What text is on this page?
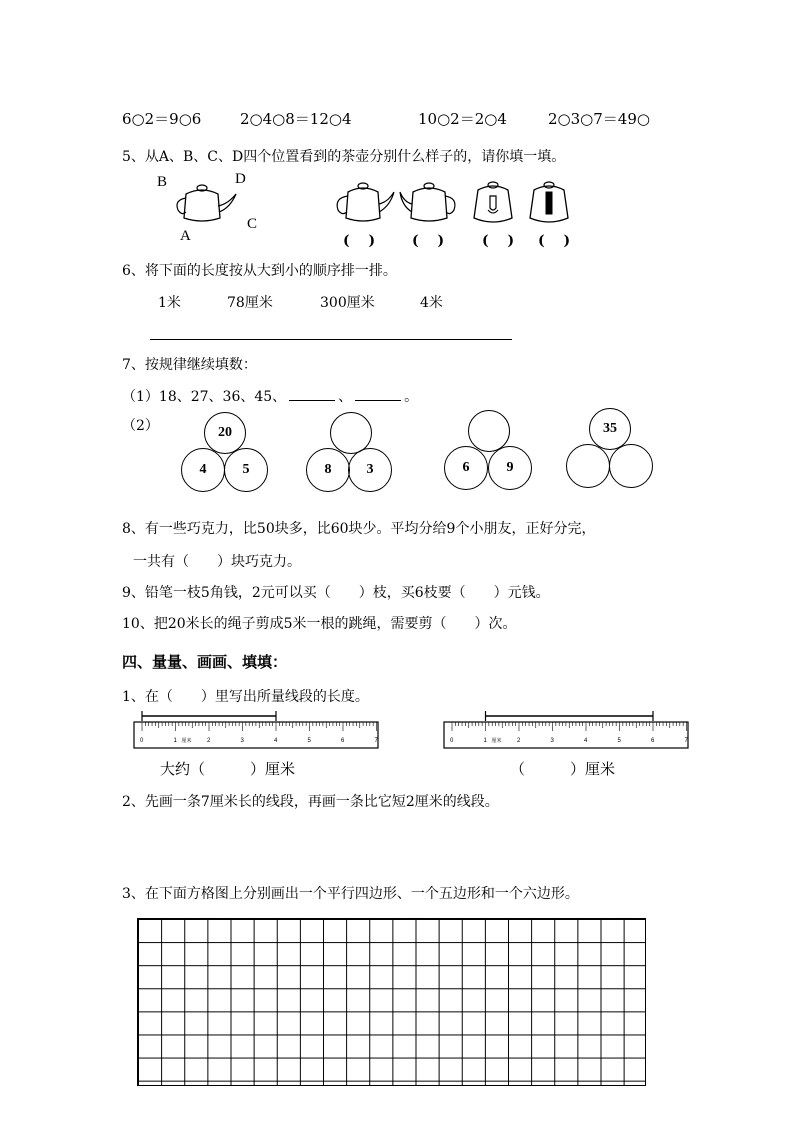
6○2＝9○6	2○4○8＝12○4	10○2＝2○4	2○3○7＝49○
5、从A、B、C、D四个位置看到的茶壶分别什么样子的，请你填一填。
B	D
C
A	(　 )	(　 )	(　 ) (　 )
6、将下面的长度按从大到小的顺序排一排。
1米	78厘米	300厘米	4米
7、按规律继续填数：
（1）18、27、36、45、	、	。
（2）	20
4	5	8	3	6	9
35
8、有一些巧克力，比50块多，比60块少。平均分给9个小朋友，正好分完，
一共有（　　）块巧克力。
9、铅笔一枝5角钱，2元可以买（　　）枝，买6枝要（　　）元钱。
10、把20米长的绳子剪成5米一根的跳绳，需要剪（　　）次。
四、量量、画画、填填：
1、在（　　）里写出所量线段的长度。
0	1	2	3	4	5	6	7
厘米	0	1	2	3	4	5	6	7
厘米
大约（　　　）厘米	（　　　）厘米
2、先画一条7厘米长的线段，再画一条比它短2厘米的线段。
3、在下面方格图上分别画出一个平行四边形、一个五边形和一个六边形。
